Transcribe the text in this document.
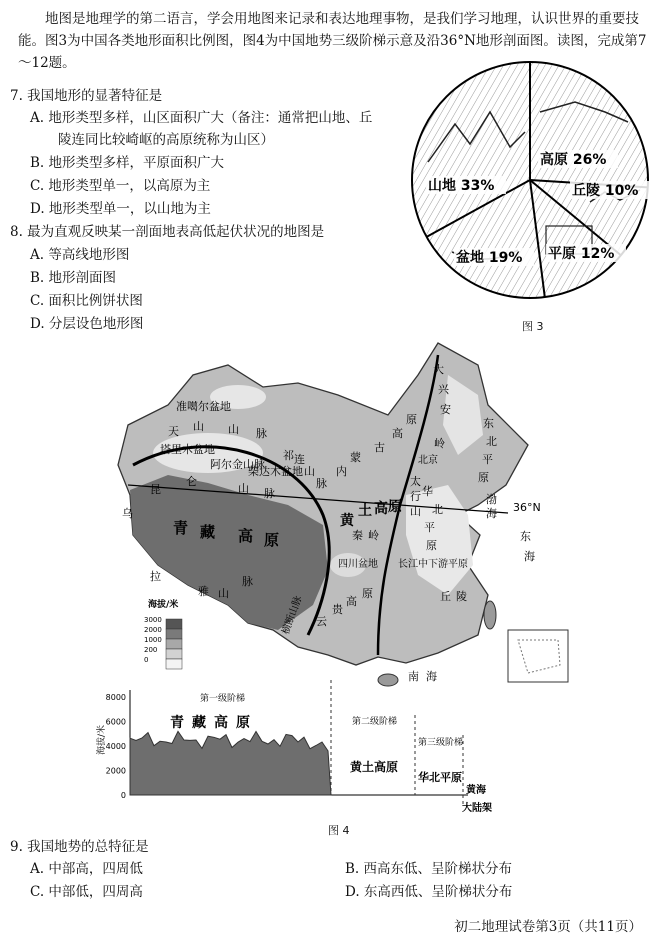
地图是地理学的第二语言，学会用地图来记录和表达地理事物，是我们学习地理，认识世界的重要技能。图3为中国各类地形面积比例图，图4为中国地势三级阶梯示意及沿36°N地形剖面图。读图，完成第7～12题。
7. 我国地形的显著特征是
A. 地形类型多样，山区面积广大（备注：通常把山地、丘
陵连同比较崎岖的高原统称为山区）
B. 地形类型多样，平原面积广大
C. 地形类型单一，以高原为主
D. 地形类型单一，以山地为主
8. 最为直观反映某一剖面地表高低起伏状况的地图是
A. 等高线地形图
B. 地形剖面图
C. 面积比例饼状图
D. 分层设色地形图
高原 26%
丘陵 10%
平原 12%
盆地 19%
山地 33%
图 3
36°N
准噶尔盆地
天 山 山 脉
塔里木盆地
阿尔金山脉
祁 连
山
脉
柴达木盆地
昆
仑
山 脉
青 藏 高 原
乌
拉
雅 山
脉
内
蒙
古
高
原
大
兴
安
岭
东
北
平
原
北京
华
北
平
原
黄
土 高 原
秦 岭
四川盆地
横断山脉 云
贵
高
原
长江中下游平原
东
海
南 海
渤
海
丘 陵
太
行
山
海拔/米
3000
2000
1000
200
0
8000
6000
4000
2000
0
海拔/米
第一级阶梯
第二级阶梯
第三级阶梯
青藏高原
黄土高原
华北平原
黄海
大陆架
图 4
9. 我国地势的总特征是
A. 中部高，四周低	B. 西高东低、呈阶梯状分布
C. 中部低，四周高	D. 东高西低、呈阶梯状分布
初二地理试卷第3页（共11页）
